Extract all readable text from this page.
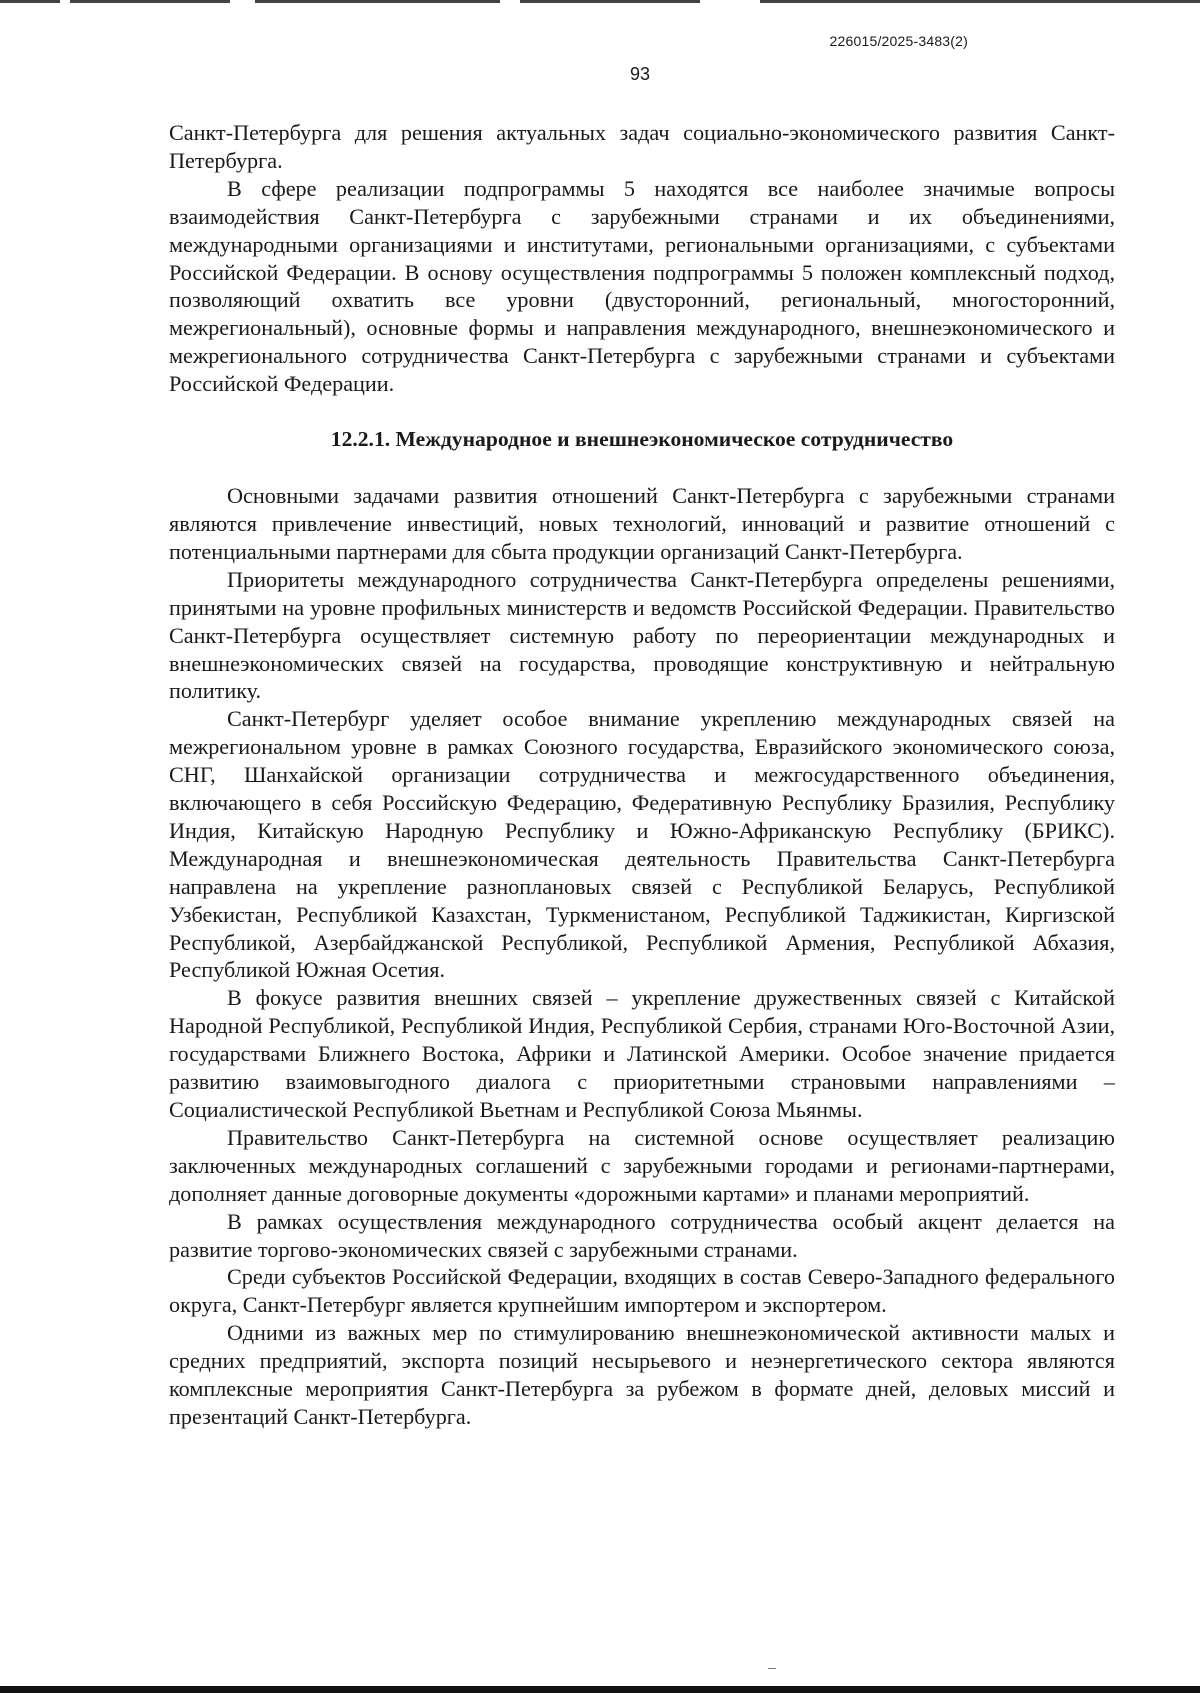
226015/2025-3483(2)
93

Санкт-Петербурга для решения актуальных задач социально-экономического развития Санкт-Петербурга.

В сфере реализации подпрограммы 5 находятся все наиболее значимые вопросы взаимодействия Санкт-Петербурга с зарубежными странами и их объединениями, международными организациями и институтами, региональными организациями, с субъектами Российской Федерации. В основу осуществления подпрограммы 5 положен комплексный подход, позволяющий охватить все уровни (двусторонний, региональный, многосторонний, межрегиональный), основные формы и направления международного, внешнеэкономического и межрегионального сотрудничества Санкт-Петербурга с зарубежными странами и субъектами Российской Федерации.

12.2.1. Международное и внешнеэкономическое сотрудничество

Основными задачами развития отношений Санкт-Петербурга с зарубежными странами являются привлечение инвестиций, новых технологий, инноваций и развитие отношений с потенциальными партнерами для сбыта продукции организаций Санкт-Петербурга.

Приоритеты международного сотрудничества Санкт-Петербурга определены решениями, принятыми на уровне профильных министерств и ведомств Российской Федерации. Правительство Санкт-Петербурга осуществляет системную работу по переориентации международных и внешнеэкономических связей на государства, проводящие конструктивную и нейтральную политику.

Санкт-Петербург уделяет особое внимание укреплению международных связей на межрегиональном уровне в рамках Союзного государства, Евразийского экономического союза, СНГ, Шанхайской организации сотрудничества и межгосударственного объединения, включающего в себя Российскую Федерацию, Федеративную Республику Бразилия, Республику Индия, Китайскую Народную Республику и Южно-Африканскую Республику (БРИКС). Международная и внешнеэкономическая деятельность Правительства Санкт-Петербурга направлена на укрепление разноплановых связей с Республикой Беларусь, Республикой Узбекистан, Республикой Казахстан, Туркменистаном, Республикой Таджикистан, Киргизской Республикой, Азербайджанской Республикой, Республикой Армения, Республикой Абхазия, Республикой Южная Осетия.

В фокусе развития внешних связей – укрепление дружественных связей с Китайской Народной Республикой, Республикой Индия, Республикой Сербия, странами Юго-Восточной Азии, государствами Ближнего Востока, Африки и Латинской Америки. Особое значение придается развитию взаимовыгодного диалога с приоритетными страновыми направлениями – Социалистической Республикой Вьетнам и Республикой Союза Мьянмы.

Правительство Санкт-Петербурга на системной основе осуществляет реализацию заключенных международных соглашений с зарубежными городами и регионами-партнерами, дополняет данные договорные документы «дорожными картами» и планами мероприятий.

В рамках осуществления международного сотрудничества особый акцент делается на развитие торгово-экономических связей с зарубежными странами.

Среди субъектов Российской Федерации, входящих в состав Северо-Западного федерального округа, Санкт-Петербург является крупнейшим импортером и экспортером.

Одними из важных мер по стимулированию внешнеэкономической активности малых и средних предприятий, экспорта позиций несырьевого и неэнергетического сектора являются комплексные мероприятия Санкт-Петербурга за рубежом в формате дней, деловых миссий и презентаций Санкт-Петербурга.
